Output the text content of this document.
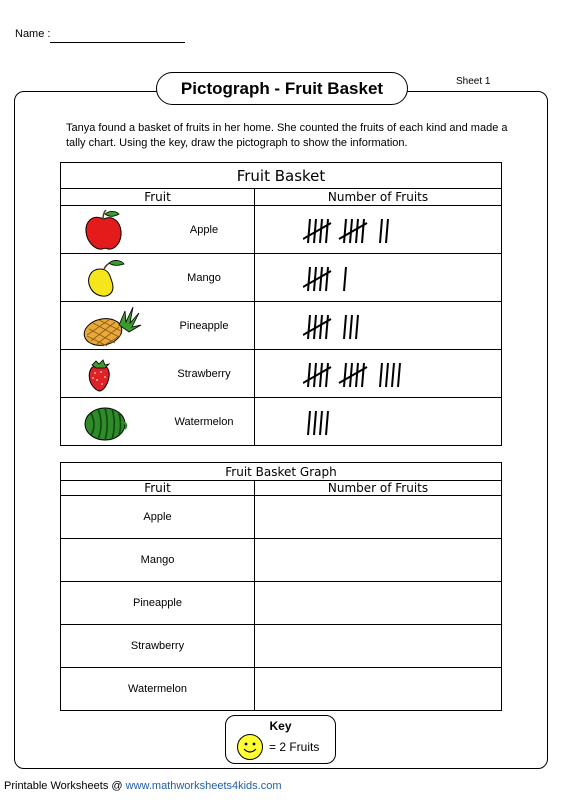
Name :
Pictograph - Fruit Basket	Sheet 1
Tanya found a basket of fruits in her home. She counted the fruits of each kind and made a tally chart. Using the key, draw the pictograph to show the information.
Fruit Basket	
Fruit	Number of Fruits

Apple

Mango

Pineapple

Strawberry

Watermelon

Fruit Basket Graph	
Fruit	Number of Fruits
Apple	
Mango	
Pineapple	
Strawberry	
Watermelon	
Key
= 2 Fruits
Printable Worksheets @ www.mathworksheets4kids.com
